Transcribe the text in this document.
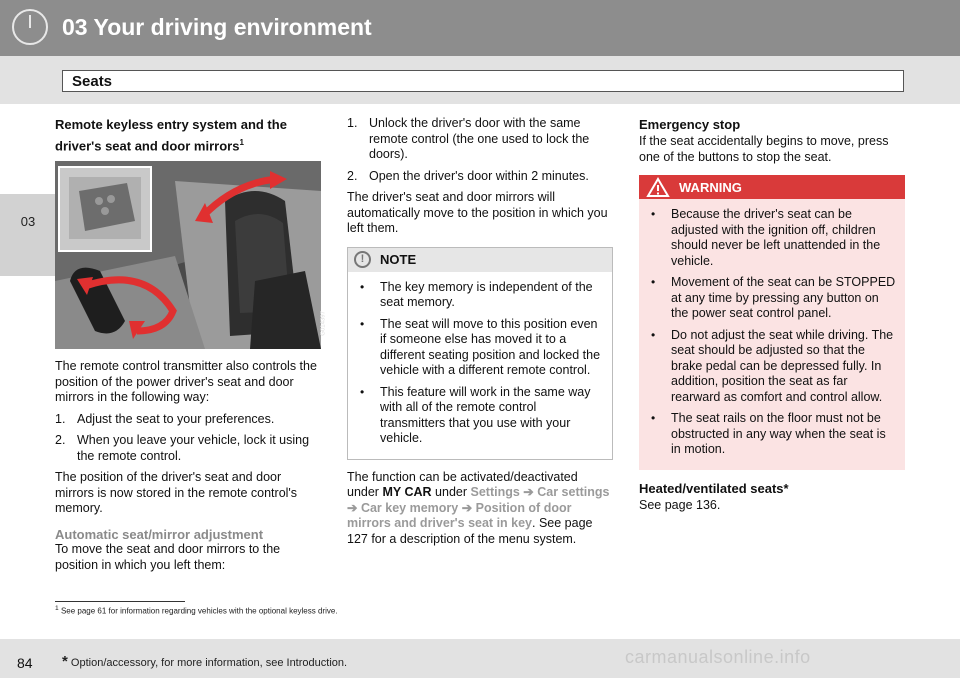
03 Your driving environment
Seats
03
Remote keyless entry system and the driver's seat and door mirrors$^1$
G014397

The remote control transmitter also controls the position of the power driver's seat and door mirrors in the following way:

1. Adjust the seat to your preferences.
2. When you leave your vehicle, lock it using the remote control.

The position of the driver's seat and door mirrors is now stored in the remote control's memory.

Automatic seat/mirror adjustment

To move the seat and door mirrors to the position in which you left them:

1. Unlock the driver's door with the same remote control (the one used to lock the doors).
2. Open the driver's door within 2 minutes.

The driver's seat and door mirrors will automatically move to the position in which you left them.

!	NOTE
• The key memory is independent of the seat memory.
• The seat will move to this position even if someone else has moved it to a different seating position and locked the vehicle with a different remote control.
• This feature will work in the same way with all of the remote control transmitters that you use with your vehicle.

The function can be activated/deactivated under MY CAR under Settings ➔ Car settings ➔ Car key memory ➔ Position of door mirrors and driver's seat in key. See page 127 for a description of the menu system.

Emergency stop

If the seat accidentally begins to move, press one of the buttons to stop the seat.

WARNING
• Because the driver's seat can be adjusted with the ignition off, children should never be left unattended in the vehicle.
• Movement of the seat can be STOPPED at any time by pressing any button on the power seat control panel.
• Do not adjust the seat while driving. The seat should be adjusted so that the brake pedal can be depressed fully. In addition, position the seat as far rearward as comfort and control allow.
• The seat rails on the floor must not be obstructed in any way when the seat is in motion.
Heated/ventilated seats*

See page 136.

$^1$ See page 61 for information regarding vehicles with the optional keyless drive.
84 * Option/accessory, for more information, see Introduction.	carmanualsonline.info
